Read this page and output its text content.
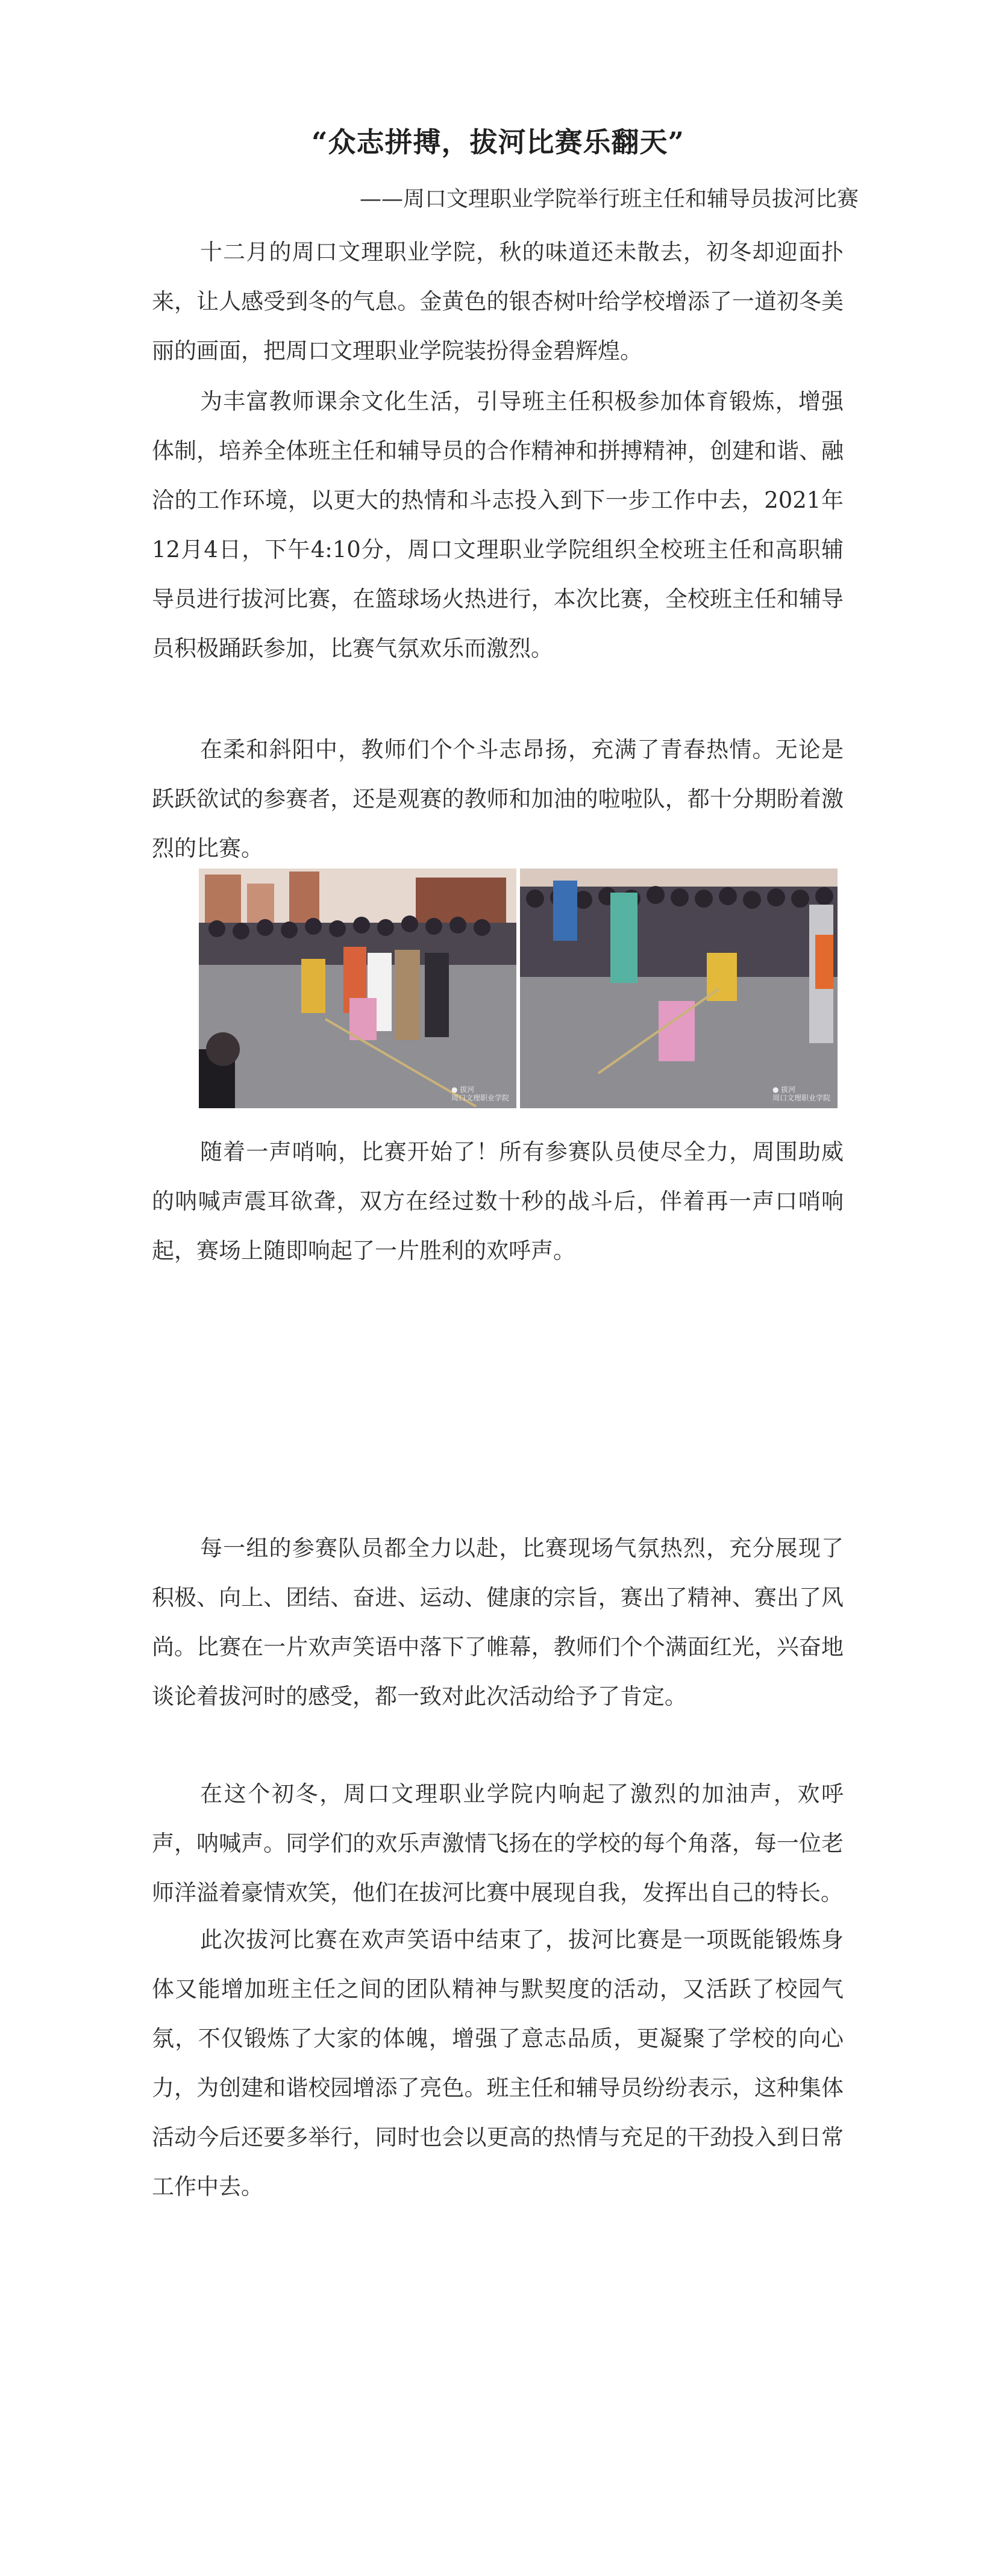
“众志拼搏，拔河比赛乐翻天”
——周口文理职业学院举行班主任和辅导员拔河比赛

十二月的周口文理职业学院，秋的味道还未散去，初冬却迎面扑来，让人感受到冬的气息。金黄色的银杏树叶给学校增添了一道初冬美丽的画面，把周口文理职业学院装扮得金碧辉煌。

为丰富教师课余文化生活，引导班主任积极参加体育锻炼，增强体制，培养全体班主任和辅导员的合作精神和拼搏精神，创建和谐、融洽的工作环境，以更大的热情和斗志投入到下一步工作中去，2021年12月4日，下午4:10分，周口文理职业学院组织全校班主任和高职辅导员进行拔河比赛，在篮球场火热进行，本次比赛，全校班主任和辅导员积极踊跃参加，比赛气氛欢乐而激烈。

在柔和斜阳中，教师们个个斗志昂扬，充满了青春热情。无论是跃跃欲试的参赛者，还是观赛的教师和加油的啦啦队，都十分期盼着激烈的比赛。

● 拔河
周口文理职业学院
● 拔河
周口文理职业学院

随着一声哨响，比赛开始了！所有参赛队员使尽全力，周围助威的呐喊声震耳欲聋，双方在经过数十秒的战斗后，伴着再一声口哨响起，赛场上随即响起了一片胜利的欢呼声。

每一组的参赛队员都全力以赴，比赛现场气氛热烈，充分展现了积极、向上、团结、奋进、运动、健康的宗旨，赛出了精神、赛出了风尚。比赛在一片欢声笑语中落下了帷幕，教师们个个满面红光，兴奋地谈论着拔河时的感受，都一致对此次活动给予了肯定。

在这个初冬，周口文理职业学院内响起了激烈的加油声，欢呼声，呐喊声。同学们的欢乐声激情飞扬在的学校的每个角落，每一位老师洋溢着豪情欢笑，他们在拔河比赛中展现自我，发挥出自己的特长。

此次拔河比赛在欢声笑语中结束了，拔河比赛是一项既能锻炼身体又能增加班主任之间的团队精神与默契度的活动，又活跃了校园气氛，不仅锻炼了大家的体魄，增强了意志品质，更凝聚了学校的向心力，为创建和谐校园增添了亮色。班主任和辅导员纷纷表示，这种集体活动今后还要多举行，同时也会以更高的热情与充足的干劲投入到日常工作中去。
